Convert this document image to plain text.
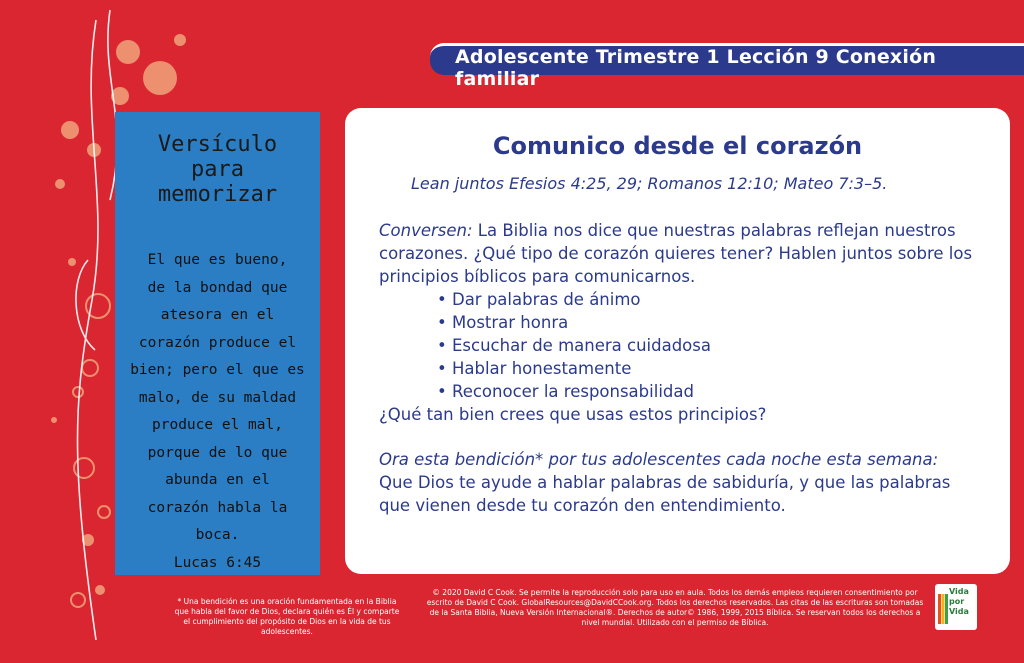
Adolescente Trimestre 1 Lección 9 Conexión familiar
Versículo
para
memorizar
El que es bueno,
de la bondad que
atesora en el
corazón produce el
bien; pero el que es
malo, de su maldad
produce el mal,
porque de lo que
abunda en el
corazón habla la
boca.
Lucas 6:45
Comunico desde el corazón
Lean juntos Efesios 4:25, 29; Romanos 12:10; Mateo 7:3–5.

Conversen: La Biblia nos dice que nuestras palabras reflejan nuestros corazones. ¿Qué tipo de corazón quieres tener? Hablen juntos sobre los principios bíblicos para comunicarnos.

• Dar palabras de ánimo
• Mostrar honra
• Escuchar de manera cuidadosa
• Hablar honestamente
• Reconocer la responsabilidad

¿Qué tan bien crees que usas estos principios?

Ora esta bendición* por tus adolescentes cada noche esta semana:

Que Dios te ayude a hablar palabras de sabiduría, y que las palabras que vienen desde tu corazón den entendimiento.

* Una bendición es una oración fundamentada en la Biblia que habla del favor de Dios, declara quién es Él y comparte el cumplimiento del propósito de Dios en la vida de tus adolescentes.
© 2020 David C Cook. Se permite la reproducción solo para uso en aula. Todos los demás empleos requieren consentimiento por escrito de David C Cook. GlobalResources@DavidCCook.org. Todos los derechos reservados. Las citas de las escrituras son tomadas de la Santa Biblia, Nueva Versión Internacional®. Derechos de autor© 1986, 1999, 2015 Bíblica. Se reservan todos los derechos a nivel mundial. Utilizado con el permiso de Bíblica.
Vida
por
Vida
